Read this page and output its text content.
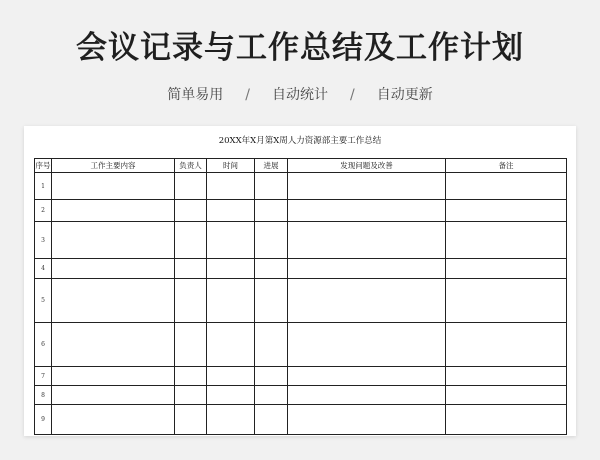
会议记录与工作总结及工作计划
简单易用 / 自动统计 / 自动更新
20XX年X月第X周人力资源部主要工作总结
序号	工作主要内容	负责人	时间	进展	发现问题及改善	备注
1						
2						
3						
4						
5						
6						
7						
8						
9						
